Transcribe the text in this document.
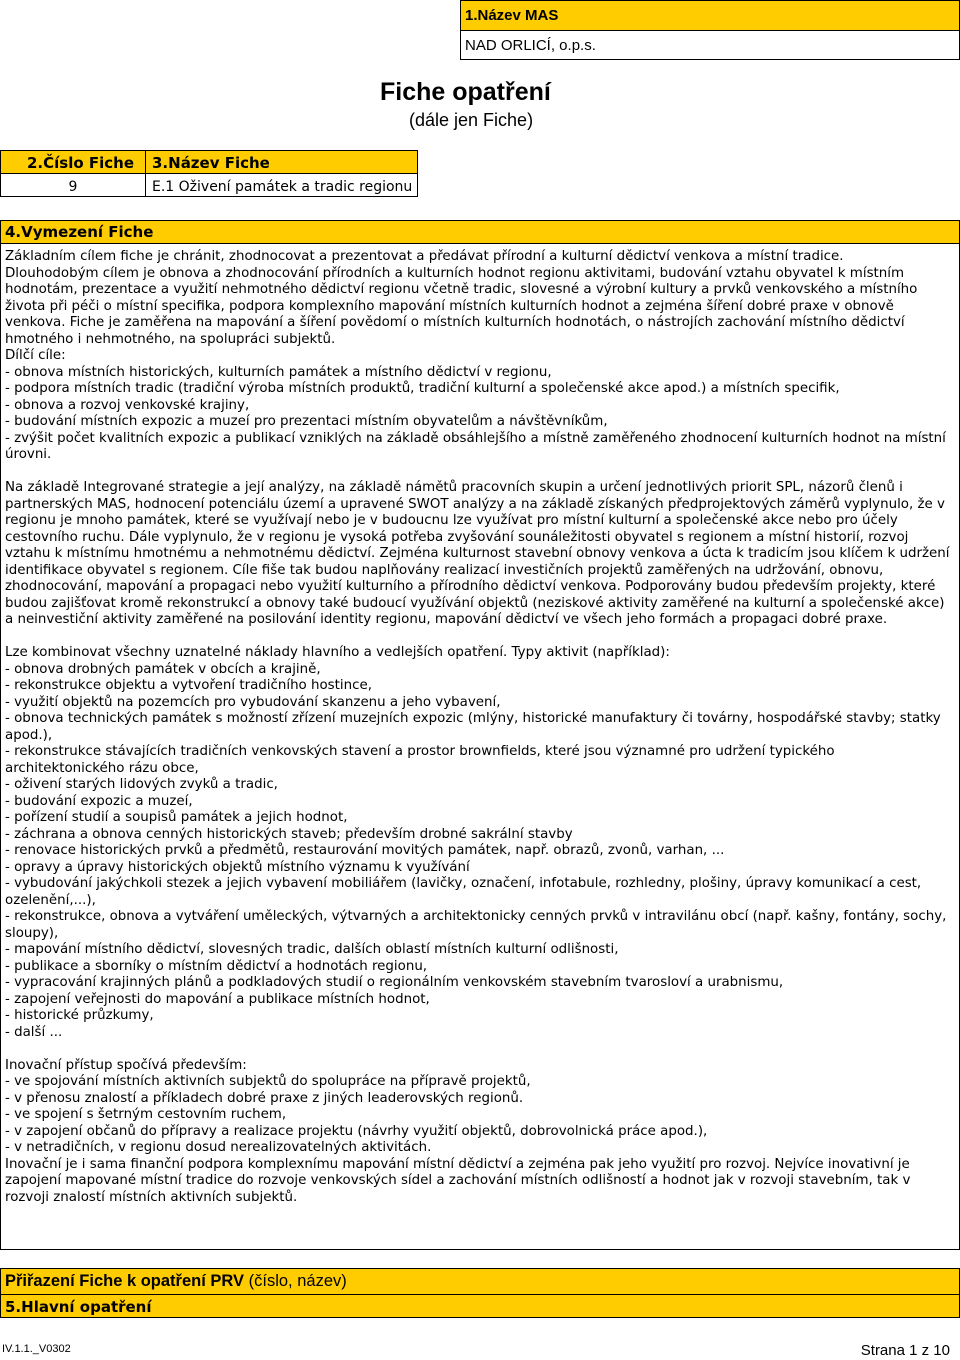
1.Název MAS
NAD ORLICÍ, o.p.s.
Fiche opatření
(dále jen Fiche)
2.Číslo Fiche	3.Název Fiche
9	E.1 Oživení památek a tradic regionu
4.Vymezení Fiche

Základním cílem fiche je chránit, zhodnocovat a prezentovat a předávat přírodní a kulturní dědictví venkova a místní tradice.

Dlouhodobým cílem je obnova a zhodnocování přírodních a kulturních hodnot regionu aktivitami, budování vztahu obyvatel k místním hodnotám, prezentace a využití nehmotného dědictví regionu včetně tradic, slovesné a výrobní kultury a prvků venkovského a místního života při péči o místní specifika, podpora komplexního mapování místních kulturních hodnot a zejména šíření dobré praxe v obnově venkova. Fiche je zaměřena na mapování a šíření povědomí o místních kulturních hodnotách, o nástrojích zachování místního dědictví hmotného i nehmotného, na spolupráci subjektů.

Dílčí cíle:

- obnova místních historických, kulturních památek a místního dědictví v regionu,

- podpora místních tradic (tradiční výroba místních produktů, tradiční kulturní a společenské akce apod.) a místních specifik,

- obnova a rozvoj venkovské krajiny,

- budování místních expozic a muzeí pro prezentaci místním obyvatelům a návštěvníkům,

- zvýšit počet kvalitních expozic a publikací vzniklých na základě obsáhlejšího a místně zaměřeného zhodnocení kulturních hodnot na místní úrovni.

Na základě Integrované strategie a její analýzy, na základě námětů pracovních skupin a určení jednotlivých priorit SPL, názorů členů i partnerských MAS, hodnocení potenciálu území a upravené SWOT analýzy a na základě získaných předprojektových záměrů vyplynulo, že v regionu je mnoho památek, které se využívají nebo je v budoucnu lze využívat pro místní kulturní a společenské akce nebo pro účely cestovního ruchu. Dále vyplynulo, že v regionu je vysoká potřeba zvyšování sounáležitosti obyvatel s regionem a místní historií, rozvoj vztahu k místnímu hmotnému a nehmotnému dědictví. Zejména kulturnost stavební obnovy venkova a úcta k tradicím jsou klíčem k udržení identifikace obyvatel s regionem. Cíle fiše tak budou naplňovány realizací investičních projektů zaměřených na udržování, obnovu, zhodnocování, mapování a propagaci nebo využití kulturního a přírodního dědictví venkova. Podporovány budou především projekty, které budou zajišťovat kromě rekonstrukcí a obnovy také budoucí využívání objektů (neziskové aktivity zaměřené na kulturní a společenské akce) a neinvestiční aktivity zaměřené na posilování identity regionu, mapování dědictví ve všech jeho formách a propagaci dobré praxe.

Lze kombinovat všechny uznatelné náklady hlavního a vedlejších opatření. Typy aktivit (například):

- obnova drobných památek v obcích a krajině,

- rekonstrukce objektu a vytvoření tradičního hostince,

- využití objektů na pozemcích pro vybudování skanzenu a jeho vybavení,

- obnova technických památek s možností zřízení muzejních expozic (mlýny, historické manufaktury či továrny, hospodářské stavby; statky apod.),

- rekonstrukce stávajících tradičních venkovských stavení a prostor brownfields, které jsou významné pro udržení typického architektonického rázu obce,

- oživení starých lidových zvyků a tradic,

- budování expozic a muzeí,

- pořízení studií a soupisů památek a jejich hodnot,

- záchrana a obnova cenných historických staveb; především drobné sakrální stavby

- renovace historických prvků a předmětů, restaurování movitých památek, např. obrazů, zvonů, varhan, ...

- opravy a úpravy historických objektů místního významu k využívání

- vybudování jakýchkoli stezek a jejich vybavení mobiliářem (lavičky, označení, infotabule, rozhledny, plošiny, úpravy komunikací a cest, ozelenění,...),

- rekonstrukce, obnova a vytváření uměleckých, výtvarných a architektonicky cenných prvků v intravilánu obcí (např. kašny, fontány, sochy, sloupy),

- mapování místního dědictví, slovesných tradic, dalších oblastí místních kulturní odlišnosti,

- publikace a sborníky o místním dědictví a hodnotách regionu,

- vypracování krajinných plánů a podkladových studií o regionálním venkovském stavebním tvarosloví a urabnismu,

- zapojení veřejnosti do mapování a publikace místních hodnot,

- historické průzkumy,

- další ...

Inovační přístup spočívá především:

- ve spojování místních aktivních subjektů do spolupráce na přípravě projektů,

- v přenosu znalostí a příkladech dobré praxe z jiných leaderovských regionů.

- ve spojení s šetrným cestovním ruchem,

- v zapojení občanů do přípravy a realizace projektu (návrhy využití objektů, dobrovolnická práce apod.),

- v netradičních, v regionu dosud nerealizovatelných aktivitách.

Inovační je i sama finanční podpora komplexnímu mapování místní dědictví a zejména pak jeho využití pro rozvoj. Nejvíce inovativní je zapojení mapované místní tradice do rozvoje venkovských sídel a zachování místních odlišností a hodnot jak v rozvoji stavebním, tak v rozvoji znalostí místních aktivních subjektů.

Přiřazení Fiche k opatření PRV (číslo, název)
5.Hlavní opatření
IV.1.1._V0302	Strana 1 z 10
